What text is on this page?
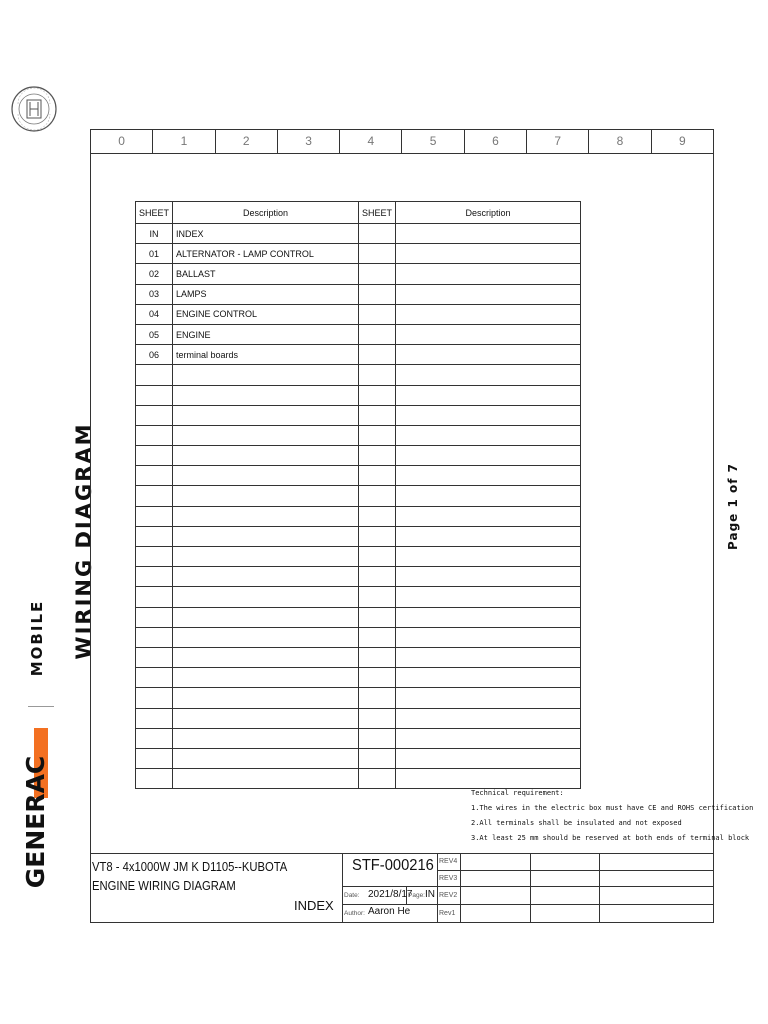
WIRING DIAGRAM
MOBILE
GENERAC
Page 1 of 7
0	1	2	3	4	5	6	7	8	9
SHEET	Description	SHEET	Description
IN	INDEX		
01	ALTERNATOR - LAMP CONTROL		
02	BALLAST		
03	LAMPS		
04	ENGINE CONTROL		
05	ENGINE		
06	terminal boards		

Technical requirement:
1.The wires in the electric box must have CE and ROHS certification
2.All terminals shall be insulated and not exposed
3.At least 25 mm should be reserved at both ends of terminal block
VT8 - 4x1000W JM K D1105--KUBOTA ENGINE WIRING DIAGRAM
INDEX
STF-000216
Date: 2021/8/17
Page: IN
Author: Aaron He
REV4
REV3
REV2
Rev1
